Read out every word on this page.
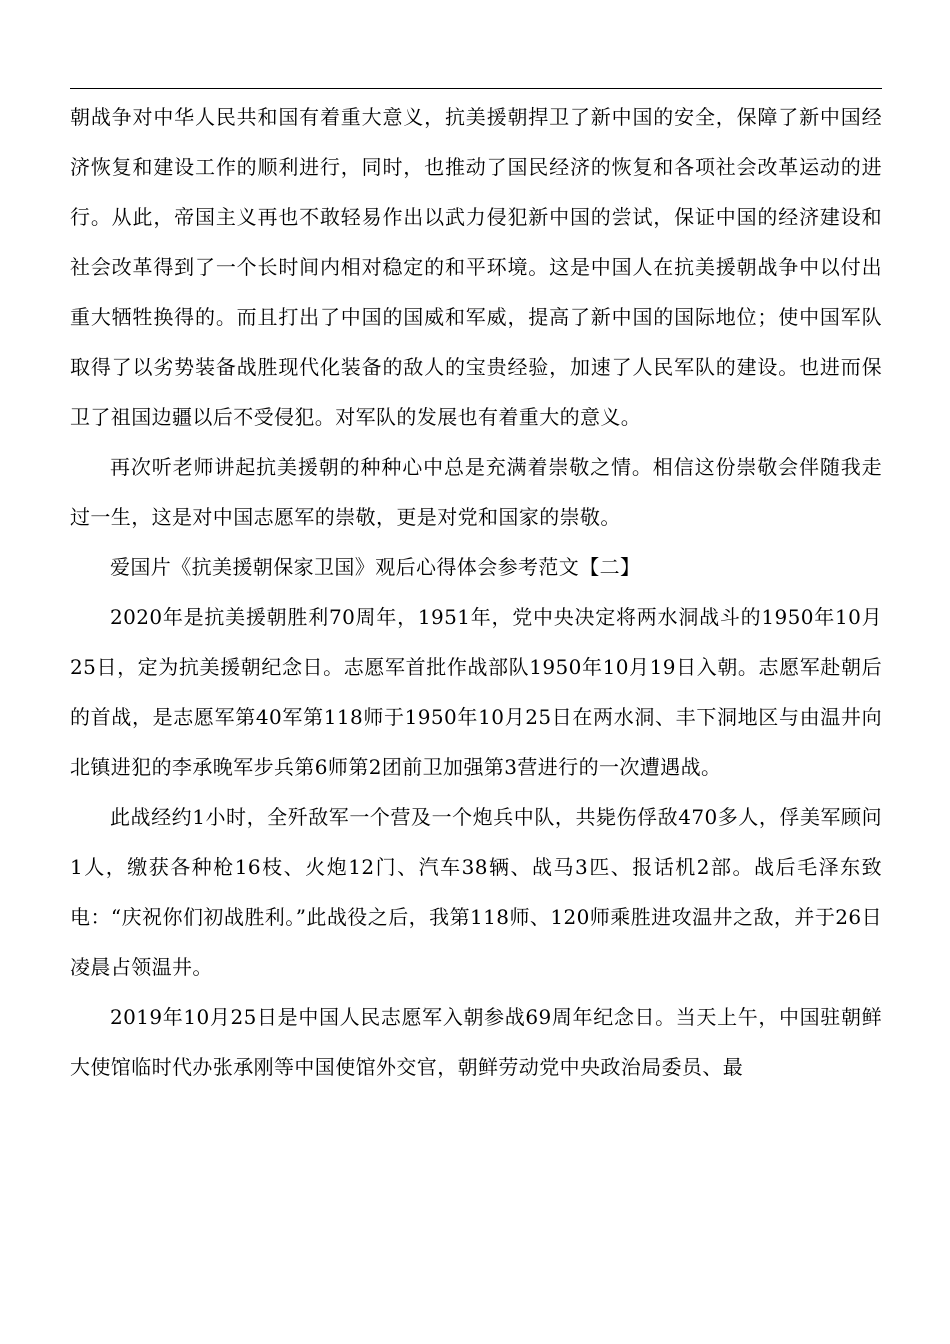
朝战争对中华人民共和国有着重大意义，抗美援朝捍卫了新中国的安全，保障了新中国经济恢复和建设工作的顺利进行，同时，也推动了国民经济的恢复和各项社会改革运动的进行。从此，帝国主义再也不敢轻易作出以武力侵犯新中国的尝试，保证中国的经济建设和社会改革得到了一个长时间内相对稳定的和平环境。这是中国人在抗美援朝战争中以付出重大牺牲换得的。而且打出了中国的国威和军威，提高了新中国的国际地位；使中国军队取得了以劣势装备战胜现代化装备的敌人的宝贵经验，加速了人民军队的建设。也进而保卫了祖国边疆以后不受侵犯。对军队的发展也有着重大的意义。

再次听老师讲起抗美援朝的种种心中总是充满着崇敬之情。相信这份崇敬会伴随我走过一生，这是对中国志愿军的崇敬，更是对党和国家的崇敬。

爱国片《抗美援朝保家卫国》观后心得体会参考范文【二】

2020年是抗美援朝胜利70周年，1951年，党中央决定将两水洞战斗的1950年10月25日，定为抗美援朝纪念日。志愿军首批作战部队1950年10月19日入朝。志愿军赴朝后的首战，是志愿军第40军第118师于1950年10月25日在两水洞、丰下洞地区与由温井向北镇进犯的李承晚军步兵第6师第2团前卫加强第3营进行的一次遭遇战。

此战经约1小时，全歼敌军一个营及一个炮兵中队，共毙伤俘敌470多人，俘美军顾问1人，缴获各种枪16枝、火炮12门、汽车38辆、战马3匹、报话机2部。战后毛泽东致电：“庆祝你们初战胜利。”此战役之后，我第118师、120师乘胜进攻温井之敌，并于26日凌晨占领温井。

2019年10月25日是中国人民志愿军入朝参战69周年纪念日。当天上午，中国驻朝鲜大使馆临时代办张承刚等中国使馆外交官，朝鲜劳动党中央政治局委员、最
